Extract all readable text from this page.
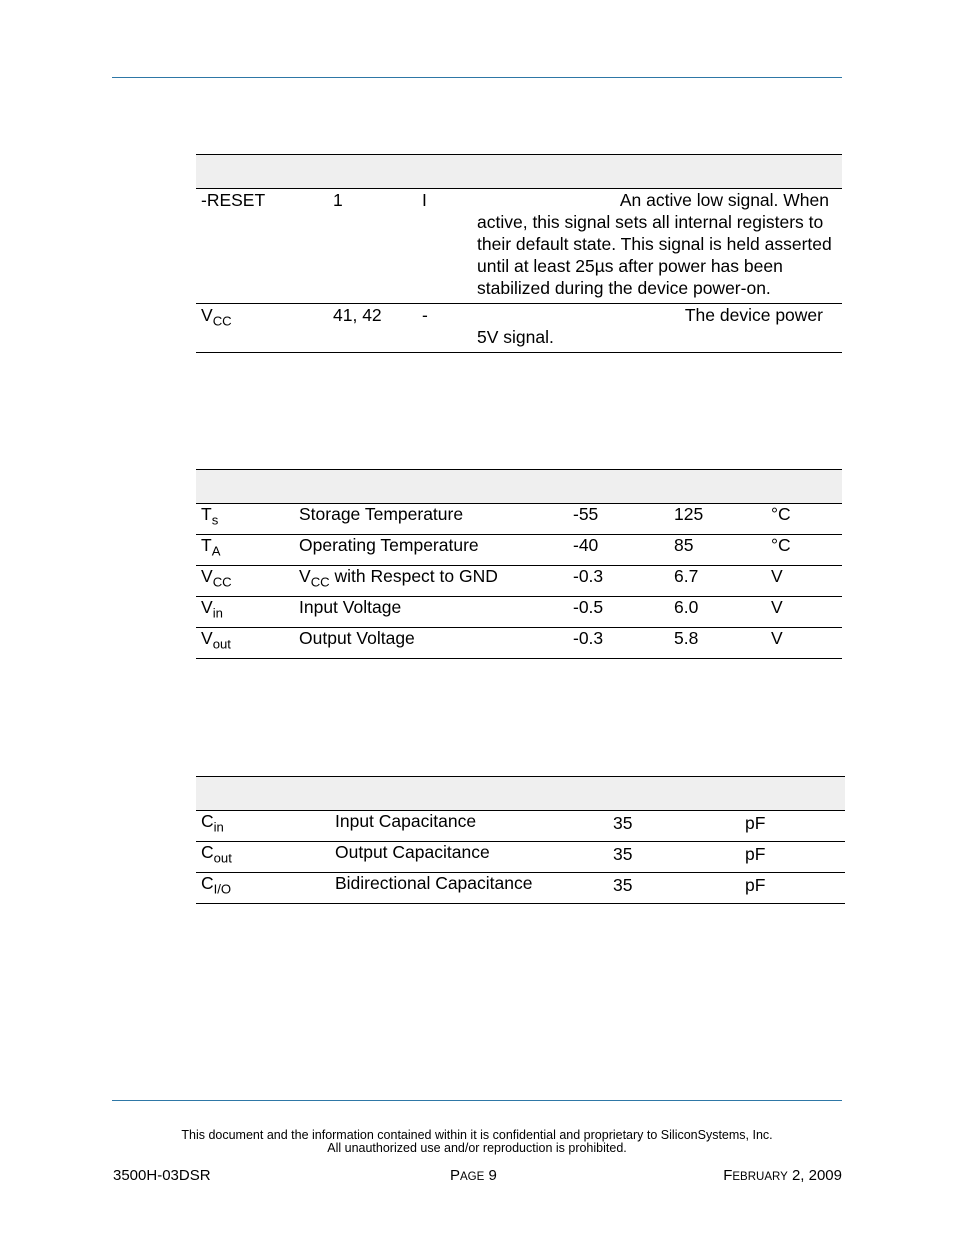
-RESET	1	I	An active low signal. When
active, this signal sets all internal registers to their default state. This signal is held asserted until at least 25µs after power has been stabilized during the device power-on.

$V_{CC}$	41, 42	-	The device power
5V signal.

$T_s$	Storage Temperature	-55	125	°C
$T_A$	Operating Temperature	-40	85	°C
$V_{CC}$	$V_{CC}$ with Respect to GND	-0.3	6.7	V
$V_{in}$	Input Voltage	-0.5	6.0	V
$V_{out}$	Output Voltage	-0.3	5.8	V

$C_{in}$	Input Capacitance	35	pF
$C_{out}$	Output Capacitance	35	pF
$C_{I/O}$	Bidirectional Capacitance	35	pF
This document and the information contained within it is confidential and proprietary to SiliconSystems, Inc.
All unauthorized use and/or reproduction is prohibited.
3500H-03DSR	PAGE 9	FEBRUARY 2, 2009
